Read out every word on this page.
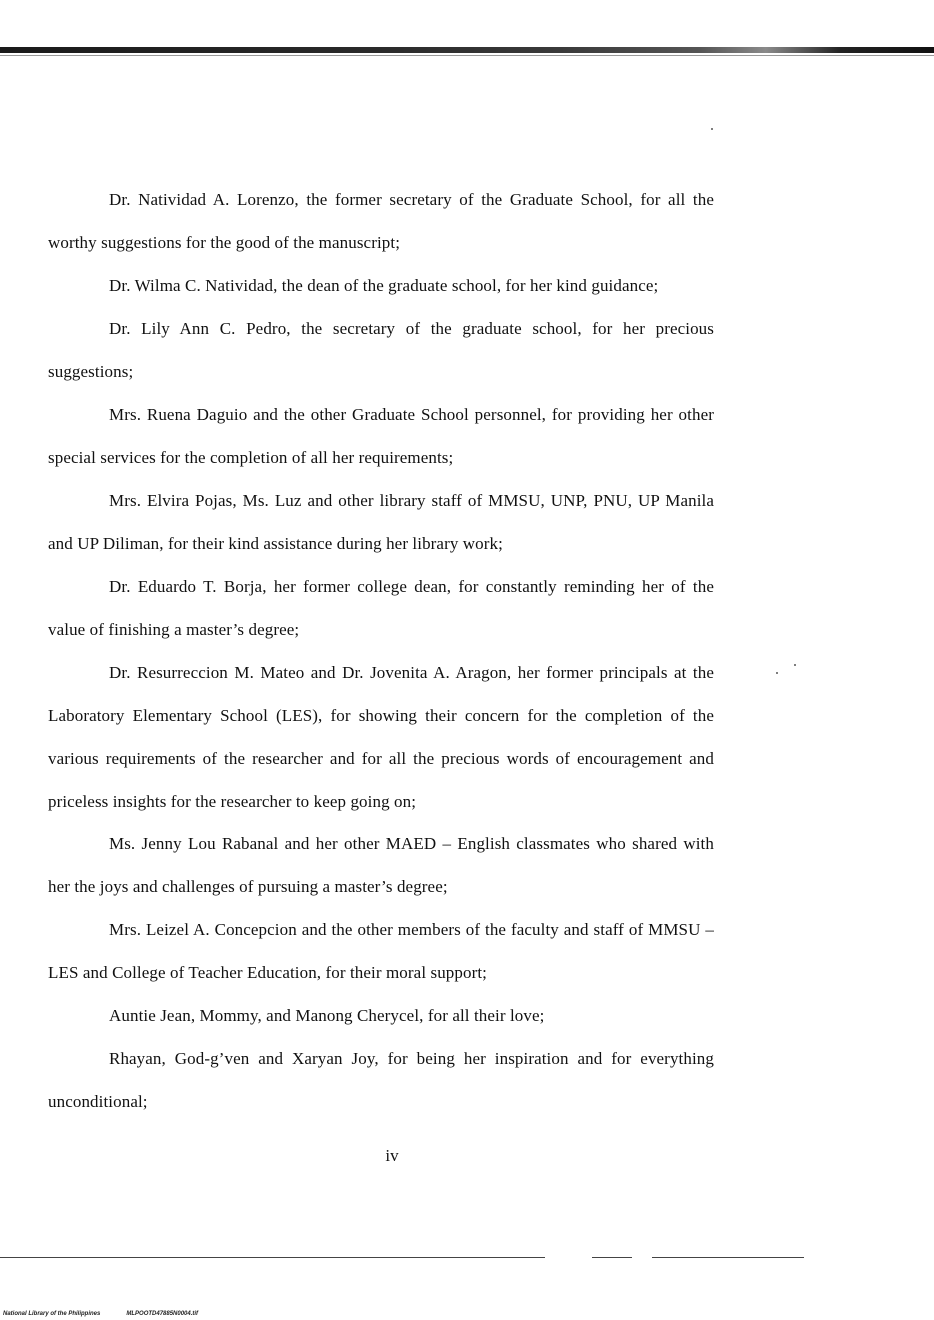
Dr. Natividad A. Lorenzo, the former secretary of the Graduate School, for all the worthy suggestions for the good of the manuscript;

Dr. Wilma C. Natividad, the dean of the graduate school, for her kind guidance;

Dr. Lily Ann C. Pedro, the secretary of the graduate school, for her precious suggestions;

Mrs. Ruena Daguio and the other Graduate School personnel, for providing her other special services for the completion of all her requirements;

Mrs. Elvira Pojas, Ms. Luz and other library staff of MMSU, UNP, PNU, UP Manila and UP Diliman, for their kind assistance during her library work;

Dr. Eduardo T. Borja, her former college dean, for constantly reminding her of the value of finishing a master’s degree;

Dr. Resurreccion M. Mateo and Dr. Jovenita A. Aragon, her former principals at the Laboratory Elementary School (LES), for showing their concern for the completion of the various requirements of the researcher and for all the precious words of encouragement and priceless insights for the researcher to keep going on;

Ms. Jenny Lou Rabanal and her other MAED – English classmates who shared with her the joys and challenges of pursuing a master’s degree;

Mrs. Leizel A. Concepcion and the other members of the faculty and staff of MMSU – LES and College of Teacher Education, for their moral support;

Auntie Jean, Mommy, and Manong Cherycel, for all their love;

Rhayan, God-g’ven and Xaryan Joy, for being her inspiration and for everything unconditional;

iv
National Library of the Philippines	MLPOOTD47885N0004.tif
